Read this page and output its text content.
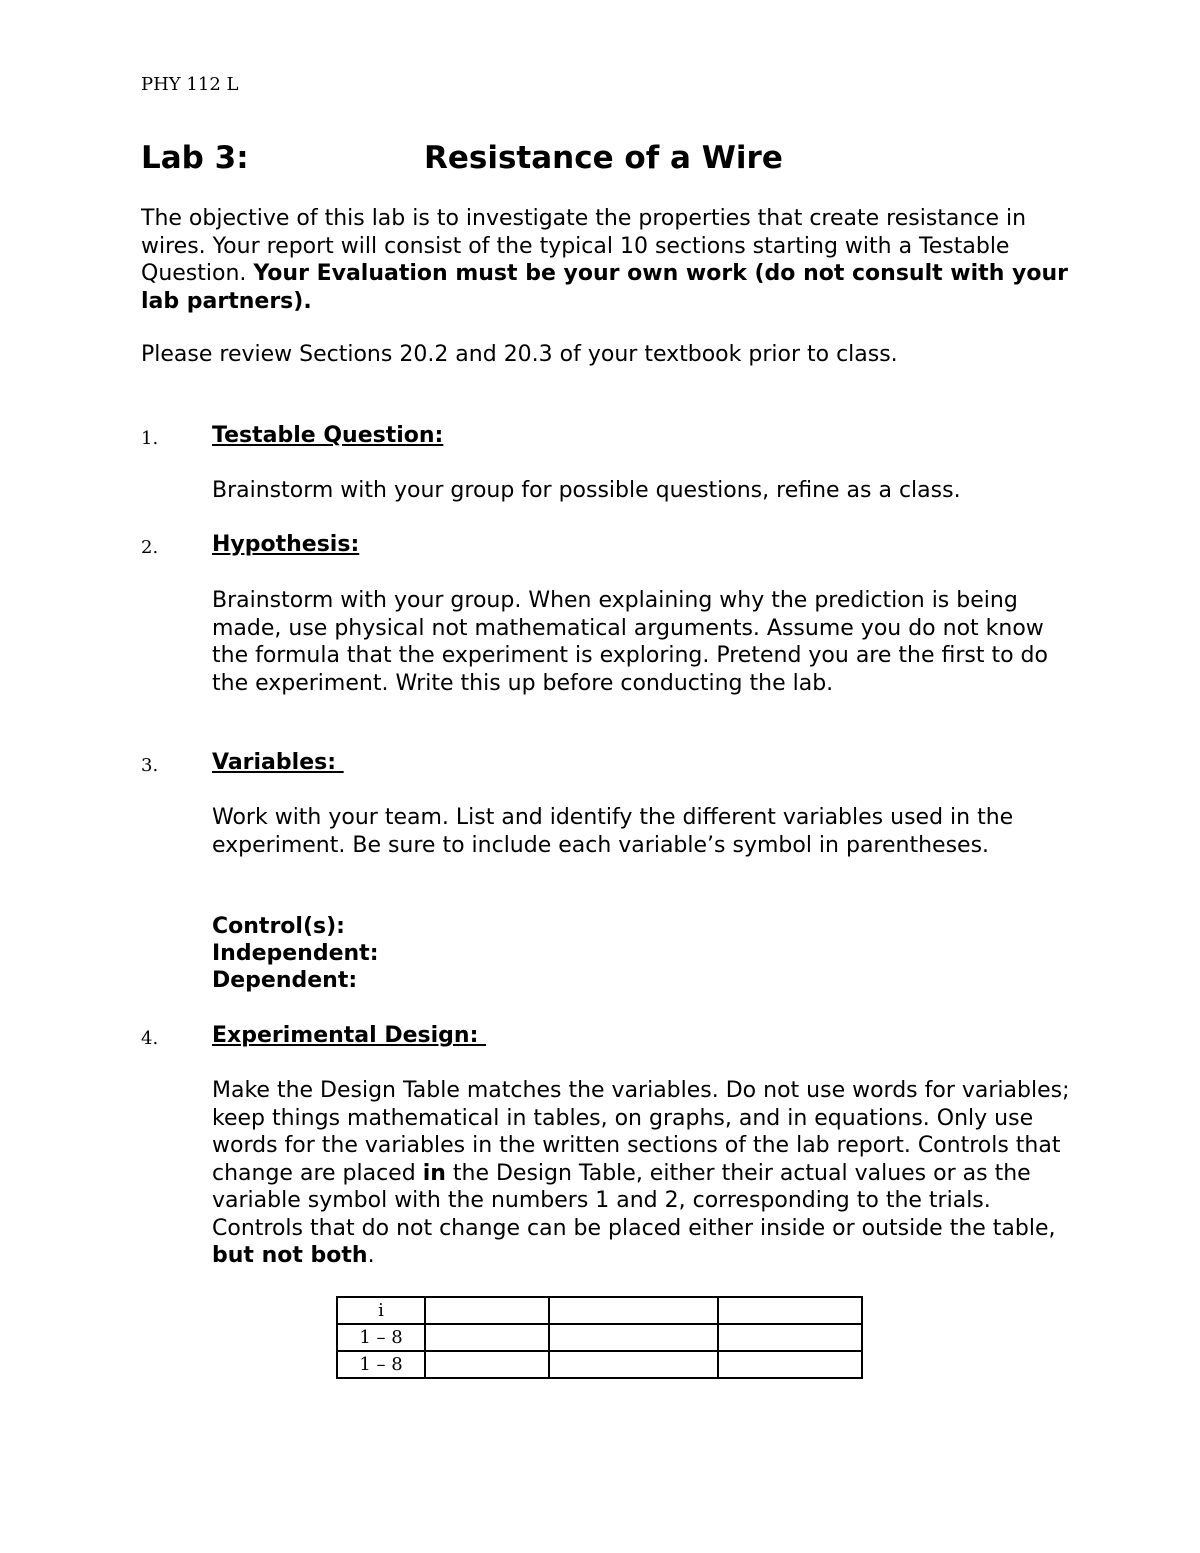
PHY 112 L
Lab 3:	Resistance of a Wire
The objective of this lab is to investigate the properties that create resistance in wires. Your report will consist of the typical 10 sections starting with a Testable Question. Your Evaluation must be your own work (do not consult with your lab partners).
Please review Sections 20.2 and 20.3 of your textbook prior to class.
1. Testable Question:
Brainstorm with your group for possible questions, refine as a class.
2. Hypothesis:
Brainstorm with your group. When explaining why the prediction is being made, use physical not mathematical arguments. Assume you do not know the formula that the experiment is exploring. Pretend you are the first to do the experiment. Write this up before conducting the lab.
3. Variables:
Work with your team. List and identify the different variables used in the experiment. Be sure to include each variable’s symbol in parentheses.
Control(s):
Independent:
Dependent:
4. Experimental Design:
Make the Design Table matches the variables. Do not use words for variables; keep things mathematical in tables, on graphs, and in equations. Only use words for the variables in the written sections of the lab report. Controls that change are placed in the Design Table, either their actual values or as the variable symbol with the numbers 1 and 2, corresponding to the trials. Controls that do not change can be placed either inside or outside the table, but not both.
i			
1 – 8			
1 – 8			
